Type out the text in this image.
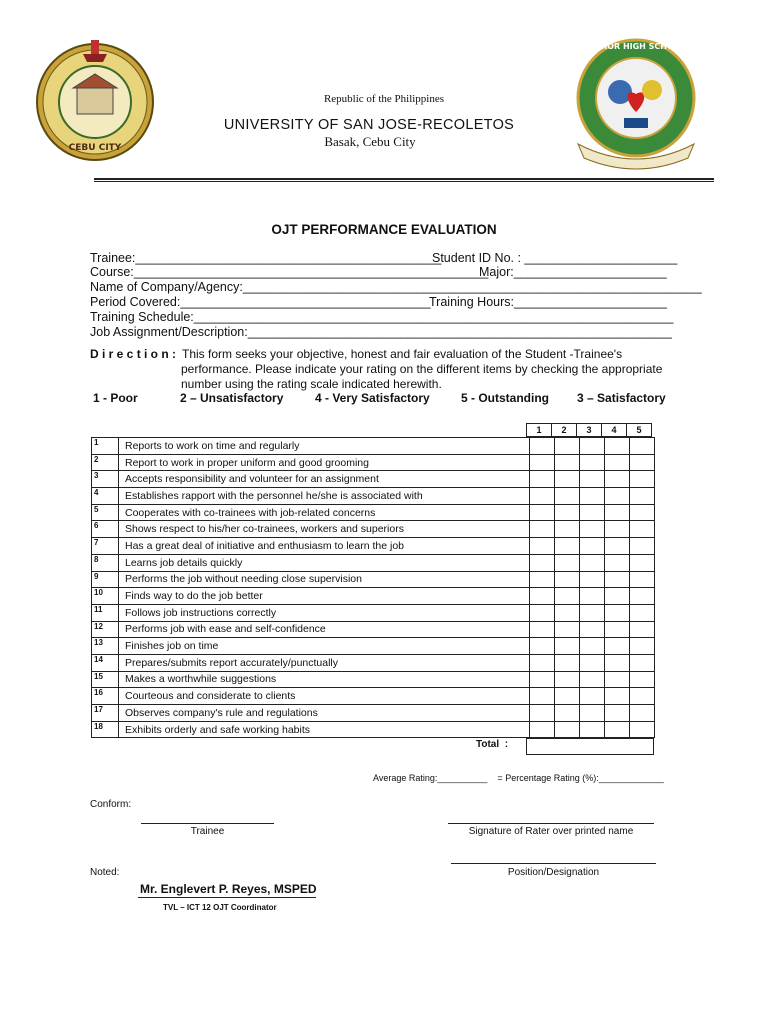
CEBU CITY
SENIOR HIGH SCHOOL
Republic of the Philippines
UNIVERSITY OF SAN JOSE-RECOLETOS
Basak, Cebu City
OJT PERFORMANCE EVALUATION
Trainee:____________________________________________
Student ID No. : ______________________
Course:___________________________________________________
Major:______________________
Name of Company/Agency:__________________________________________________________________
Period Covered:____________________________________
Training Hours:______________________
Training Schedule:_____________________________________________________________________
Job Assignment/Description:_____________________________________________________________
D i r e c t i o n : This form seeks your objective, honest and fair evaluation of the Student -Trainee's
performance. Please indicate your rating on the different items by checking the appropriate
number using the rating scale indicated herewith.
1 - Poor	2 – Unsatisfactory	4 - Very Satisfactory	5 - Outstanding 3 – Satisfactory
1	2	3	4	5
1	Reports to work on time and regularly					
2	Report to work in proper uniform and good grooming					
3	Accepts responsibility and volunteer for an assignment					
4	Establishes rapport with the personnel he/she is associated with					
5	Cooperates with co-trainees with job-related concerns					
6	Shows respect to his/her co-trainees, workers and superiors					
7	Has a great deal of initiative and enthusiasm to learn the job					
8	Learns job details quickly					
9	Performs the job without needing close supervision					
10	Finds way to do the job better					
11	Follows job instructions correctly					
12	Performs job with ease and self-confidence					
13	Finishes job on time					
14	Prepares/submits report accurately/punctually					
15	Makes a worthwhile suggestions					
16	Courteous and considerate to clients					
17	Observes company's rule and regulations					
18	Exhibits orderly and safe working habits					
Total  :
Average Rating:__________    = Percentage Rating (%):_____________
Conform:
Trainee	Signature of Rater over printed name
Noted:	Position/Designation
Mr. Englevert P. Reyes, MSPED
TVL – ICT 12 OJT Coordinator
